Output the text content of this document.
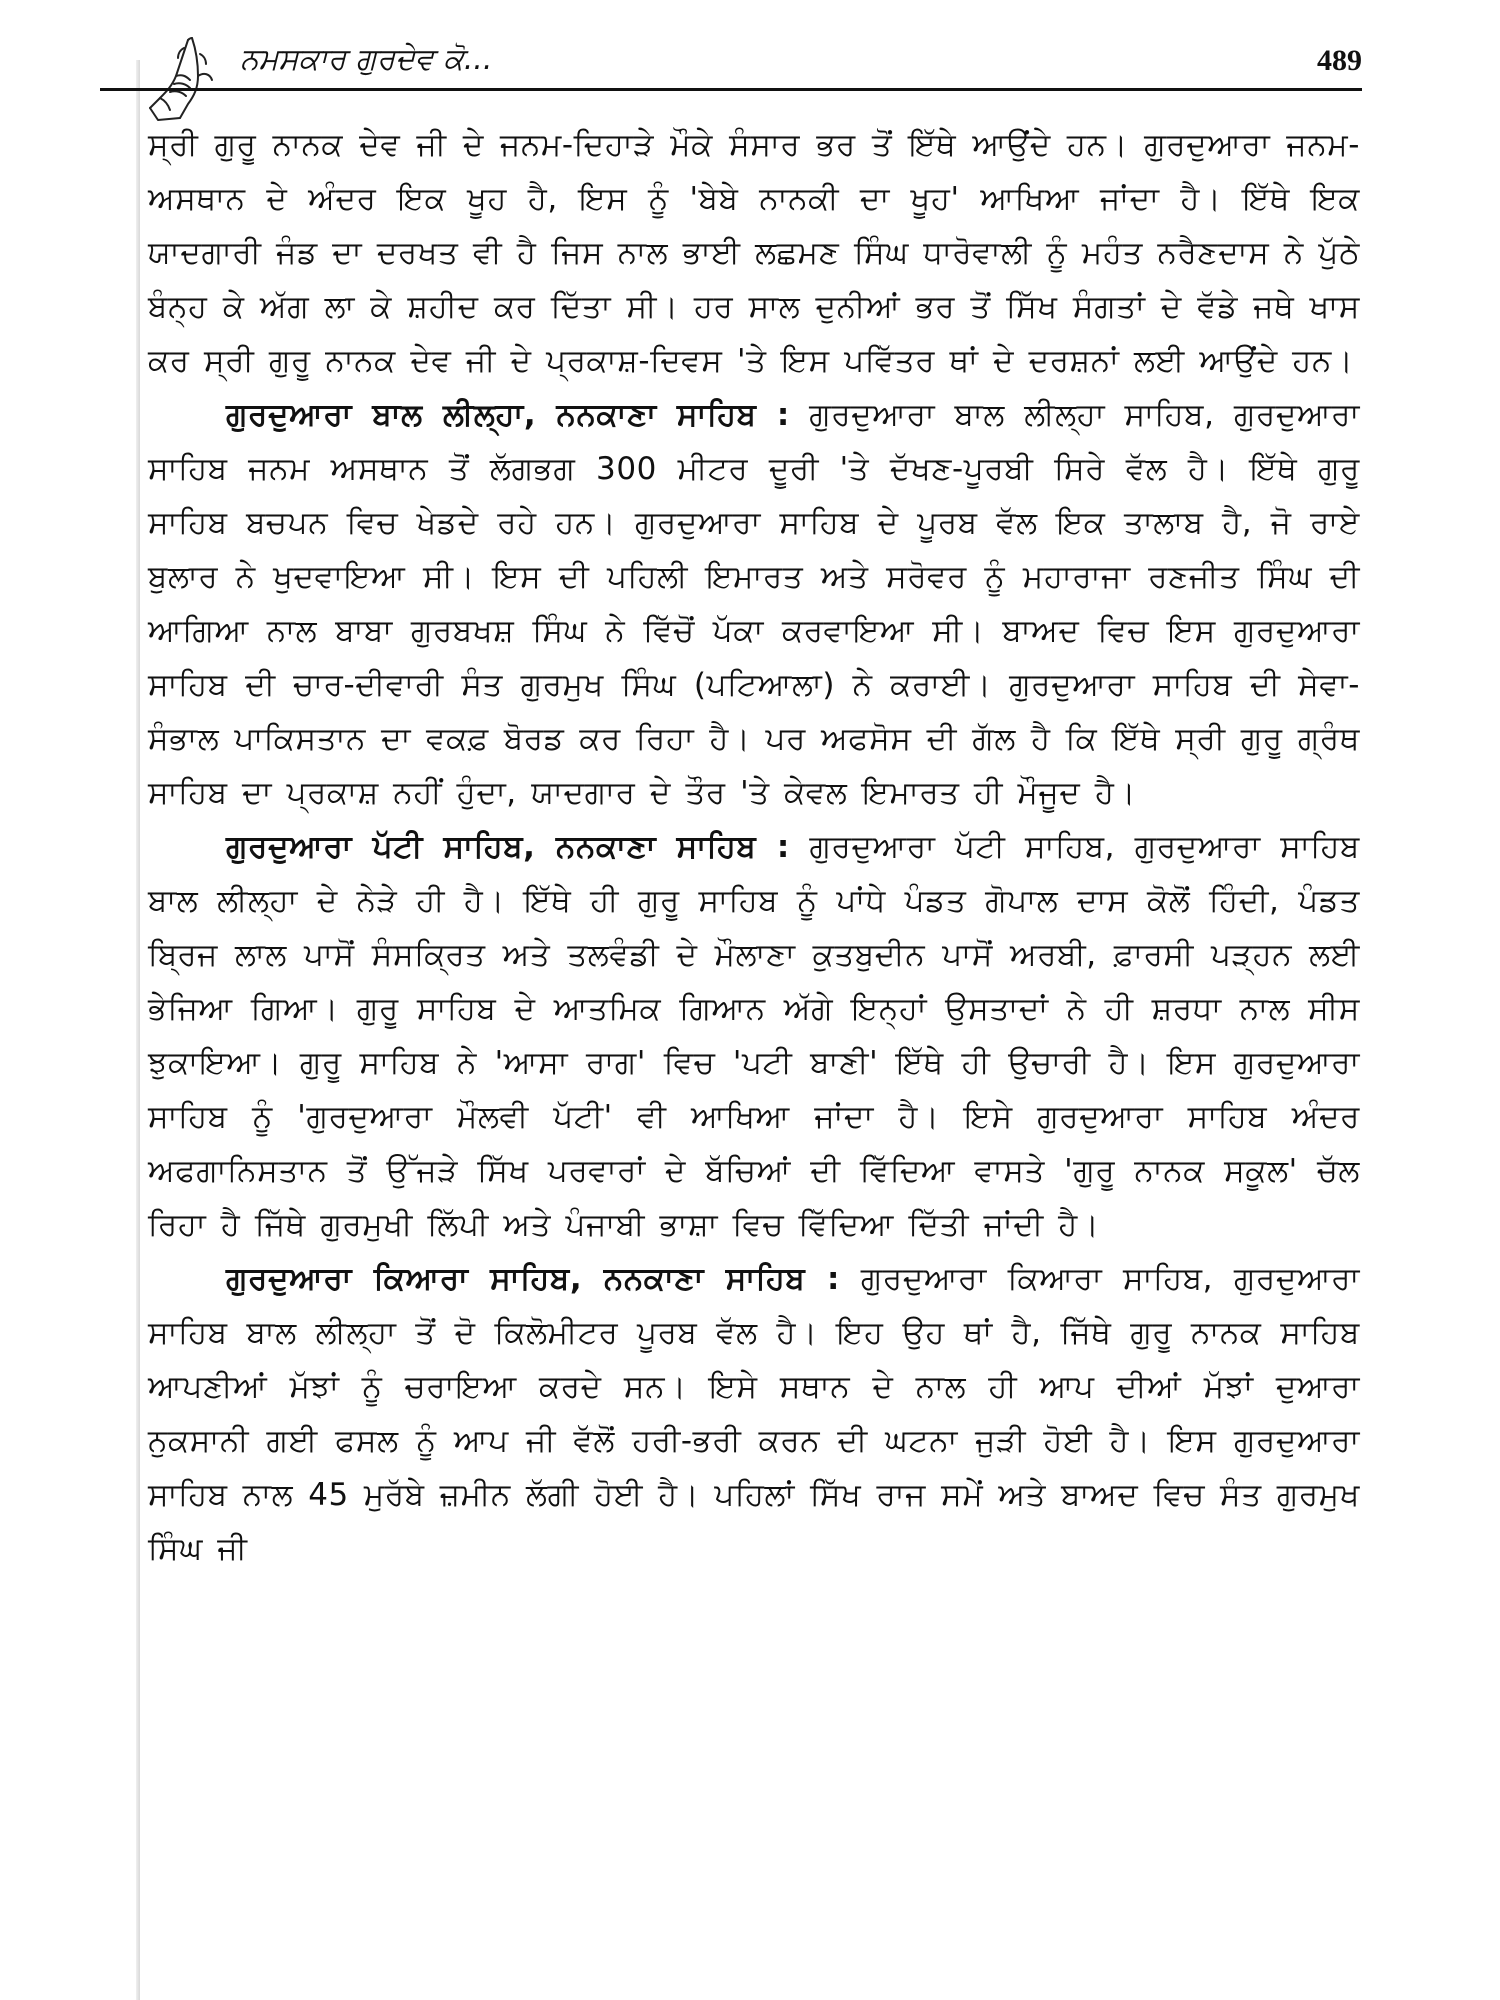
ਨਮਸਕਾਰ ਗੁਰਦੇਵ ਕੋ...	489

ਸ੍ਰੀ ਗੁਰੂ ਨਾਨਕ ਦੇਵ ਜੀ ਦੇ ਜਨਮ-ਦਿਹਾੜੇ ਮੌਕੇ ਸੰਸਾਰ ਭਰ ਤੋਂ ਇੱਥੇ ਆਉਂਦੇ ਹਨ। ਗੁਰਦੁਆਰਾ ਜਨਮ-ਅਸਥਾਨ ਦੇ ਅੰਦਰ ਇਕ ਖੂਹ ਹੈ, ਇਸ ਨੂੰ 'ਬੇਬੇ ਨਾਨਕੀ ਦਾ ਖੂਹ' ਆਖਿਆ ਜਾਂਦਾ ਹੈ। ਇੱਥੇ ਇਕ ਯਾਦਗਾਰੀ ਜੰਡ ਦਾ ਦਰਖਤ ਵੀ ਹੈ ਜਿਸ ਨਾਲ ਭਾਈ ਲਛਮਣ ਸਿੰਘ ਧਾਰੋਵਾਲੀ ਨੂੰ ਮਹੰਤ ਨਰੈਣਦਾਸ ਨੇ ਪੁੱਠੇ ਬੰਨ੍ਹ ਕੇ ਅੱਗ ਲਾ ਕੇ ਸ਼ਹੀਦ ਕਰ ਦਿੱਤਾ ਸੀ। ਹਰ ਸਾਲ ਦੁਨੀਆਂ ਭਰ ਤੋਂ ਸਿੱਖ ਸੰਗਤਾਂ ਦੇ ਵੱਡੇ ਜਥੇ ਖਾਸ ਕਰ ਸ੍ਰੀ ਗੁਰੂ ਨਾਨਕ ਦੇਵ ਜੀ ਦੇ ਪ੍ਰਕਾਸ਼-ਦਿਵਸ 'ਤੇ ਇਸ ਪਵਿੱਤਰ ਥਾਂ ਦੇ ਦਰਸ਼ਨਾਂ ਲਈ ਆਉਂਦੇ ਹਨ।

ਗੁਰਦੁਆਰਾ ਬਾਲ ਲੀਲ੍ਹਾ, ਨਨਕਾਣਾ ਸਾਹਿਬ : ਗੁਰਦੁਆਰਾ ਬਾਲ ਲੀਲ੍ਹਾ ਸਾਹਿਬ, ਗੁਰਦੁਆਰਾ ਸਾਹਿਬ ਜਨਮ ਅਸਥਾਨ ਤੋਂ ਲੱਗਭਗ 300 ਮੀਟਰ ਦੂਰੀ 'ਤੇ ਦੱਖਣ-ਪੂਰਬੀ ਸਿਰੇ ਵੱਲ ਹੈ। ਇੱਥੇ ਗੁਰੂ ਸਾਹਿਬ ਬਚਪਨ ਵਿਚ ਖੇਡਦੇ ਰਹੇ ਹਨ। ਗੁਰਦੁਆਰਾ ਸਾਹਿਬ ਦੇ ਪੂਰਬ ਵੱਲ ਇਕ ਤਾਲਾਬ ਹੈ, ਜੋ ਰਾਏ ਬੁਲਾਰ ਨੇ ਖੁਦਵਾਇਆ ਸੀ। ਇਸ ਦੀ ਪਹਿਲੀ ਇਮਾਰਤ ਅਤੇ ਸਰੋਵਰ ਨੂੰ ਮਹਾਰਾਜਾ ਰਣਜੀਤ ਸਿੰਘ ਦੀ ਆਗਿਆ ਨਾਲ ਬਾਬਾ ਗੁਰਬਖਸ਼ ਸਿੰਘ ਨੇ ਵਿੱਚੋਂ ਪੱਕਾ ਕਰਵਾਇਆ ਸੀ। ਬਾਅਦ ਵਿਚ ਇਸ ਗੁਰਦੁਆਰਾ ਸਾਹਿਬ ਦੀ ਚਾਰ-ਦੀਵਾਰੀ ਸੰਤ ਗੁਰਮੁਖ ਸਿੰਘ (ਪਟਿਆਲਾ) ਨੇ ਕਰਾਈ। ਗੁਰਦੁਆਰਾ ਸਾਹਿਬ ਦੀ ਸੇਵਾ-ਸੰਭਾਲ ਪਾਕਿਸਤਾਨ ਦਾ ਵਕਫ਼ ਬੋਰਡ ਕਰ ਰਿਹਾ ਹੈ। ਪਰ ਅਫਸੋਸ ਦੀ ਗੱਲ ਹੈ ਕਿ ਇੱਥੇ ਸ੍ਰੀ ਗੁਰੂ ਗ੍ਰੰਥ ਸਾਹਿਬ ਦਾ ਪ੍ਰਕਾਸ਼ ਨਹੀਂ ਹੁੰਦਾ, ਯਾਦਗਾਰ ਦੇ ਤੌਰ 'ਤੇ ਕੇਵਲ ਇਮਾਰਤ ਹੀ ਮੌਜੂਦ ਹੈ।

ਗੁਰਦੁਆਰਾ ਪੱਟੀ ਸਾਹਿਬ, ਨਨਕਾਣਾ ਸਾਹਿਬ : ਗੁਰਦੁਆਰਾ ਪੱਟੀ ਸਾਹਿਬ, ਗੁਰਦੁਆਰਾ ਸਾਹਿਬ ਬਾਲ ਲੀਲ੍ਹਾ ਦੇ ਨੇੜੇ ਹੀ ਹੈ। ਇੱਥੇ ਹੀ ਗੁਰੂ ਸਾਹਿਬ ਨੂੰ ਪਾਂਧੇ ਪੰਡਤ ਗੋਪਾਲ ਦਾਸ ਕੋਲੋਂ ਹਿੰਦੀ, ਪੰਡਤ ਬ੍ਰਿਜ ਲਾਲ ਪਾਸੋਂ ਸੰਸਕ੍ਰਿਤ ਅਤੇ ਤਲਵੰਡੀ ਦੇ ਮੌਲਾਣਾ ਕੁਤਬੁਦੀਨ ਪਾਸੋਂ ਅਰਬੀ, ਫ਼ਾਰਸੀ ਪੜ੍ਹਨ ਲਈ ਭੇਜਿਆ ਗਿਆ। ਗੁਰੂ ਸਾਹਿਬ ਦੇ ਆਤਮਿਕ ਗਿਆਨ ਅੱਗੇ ਇਨ੍ਹਾਂ ਉਸਤਾਦਾਂ ਨੇ ਹੀ ਸ਼ਰਧਾ ਨਾਲ ਸੀਸ ਝੁਕਾਇਆ। ਗੁਰੂ ਸਾਹਿਬ ਨੇ 'ਆਸਾ ਰਾਗ' ਵਿਚ 'ਪਟੀ ਬਾਣੀ' ਇੱਥੇ ਹੀ ਉਚਾਰੀ ਹੈ। ਇਸ ਗੁਰਦੁਆਰਾ ਸਾਹਿਬ ਨੂੰ 'ਗੁਰਦੁਆਰਾ ਮੌਲਵੀ ਪੱਟੀ' ਵੀ ਆਖਿਆ ਜਾਂਦਾ ਹੈ। ਇਸੇ ਗੁਰਦੁਆਰਾ ਸਾਹਿਬ ਅੰਦਰ ਅਫਗਾਨਿਸਤਾਨ ਤੋਂ ਉੱਜੜੇ ਸਿੱਖ ਪਰਵਾਰਾਂ ਦੇ ਬੱਚਿਆਂ ਦੀ ਵਿੱਦਿਆ ਵਾਸਤੇ 'ਗੁਰੂ ਨਾਨਕ ਸਕੂਲ' ਚੱਲ ਰਿਹਾ ਹੈ ਜਿੱਥੇ ਗੁਰਮੁਖੀ ਲਿੱਪੀ ਅਤੇ ਪੰਜਾਬੀ ਭਾਸ਼ਾ ਵਿਚ ਵਿੱਦਿਆ ਦਿੱਤੀ ਜਾਂਦੀ ਹੈ।

ਗੁਰਦੁਆਰਾ ਕਿਆਰਾ ਸਾਹਿਬ, ਨਨਕਾਣਾ ਸਾਹਿਬ : ਗੁਰਦੁਆਰਾ ਕਿਆਰਾ ਸਾਹਿਬ, ਗੁਰਦੁਆਰਾ ਸਾਹਿਬ ਬਾਲ ਲੀਲ੍ਹਾ ਤੋਂ ਦੋ ਕਿਲੋਮੀਟਰ ਪੂਰਬ ਵੱਲ ਹੈ। ਇਹ ਉਹ ਥਾਂ ਹੈ, ਜਿੱਥੇ ਗੁਰੂ ਨਾਨਕ ਸਾਹਿਬ ਆਪਣੀਆਂ ਮੱਝਾਂ ਨੂੰ ਚਰਾਇਆ ਕਰਦੇ ਸਨ। ਇਸੇ ਸਥਾਨ ਦੇ ਨਾਲ ਹੀ ਆਪ ਦੀਆਂ ਮੱਝਾਂ ਦੁਆਰਾ ਨੁਕਸਾਨੀ ਗਈ ਫਸਲ ਨੂੰ ਆਪ ਜੀ ਵੱਲੋਂ ਹਰੀ-ਭਰੀ ਕਰਨ ਦੀ ਘਟਨਾ ਜੁੜੀ ਹੋਈ ਹੈ। ਇਸ ਗੁਰਦੁਆਰਾ ਸਾਹਿਬ ਨਾਲ 45 ਮੁਰੱਬੇ ਜ਼ਮੀਨ ਲੱਗੀ ਹੋਈ ਹੈ। ਪਹਿਲਾਂ ਸਿੱਖ ਰਾਜ ਸਮੇਂ ਅਤੇ ਬਾਅਦ ਵਿਚ ਸੰਤ ਗੁਰਮੁਖ ਸਿੰਘ ਜੀ
